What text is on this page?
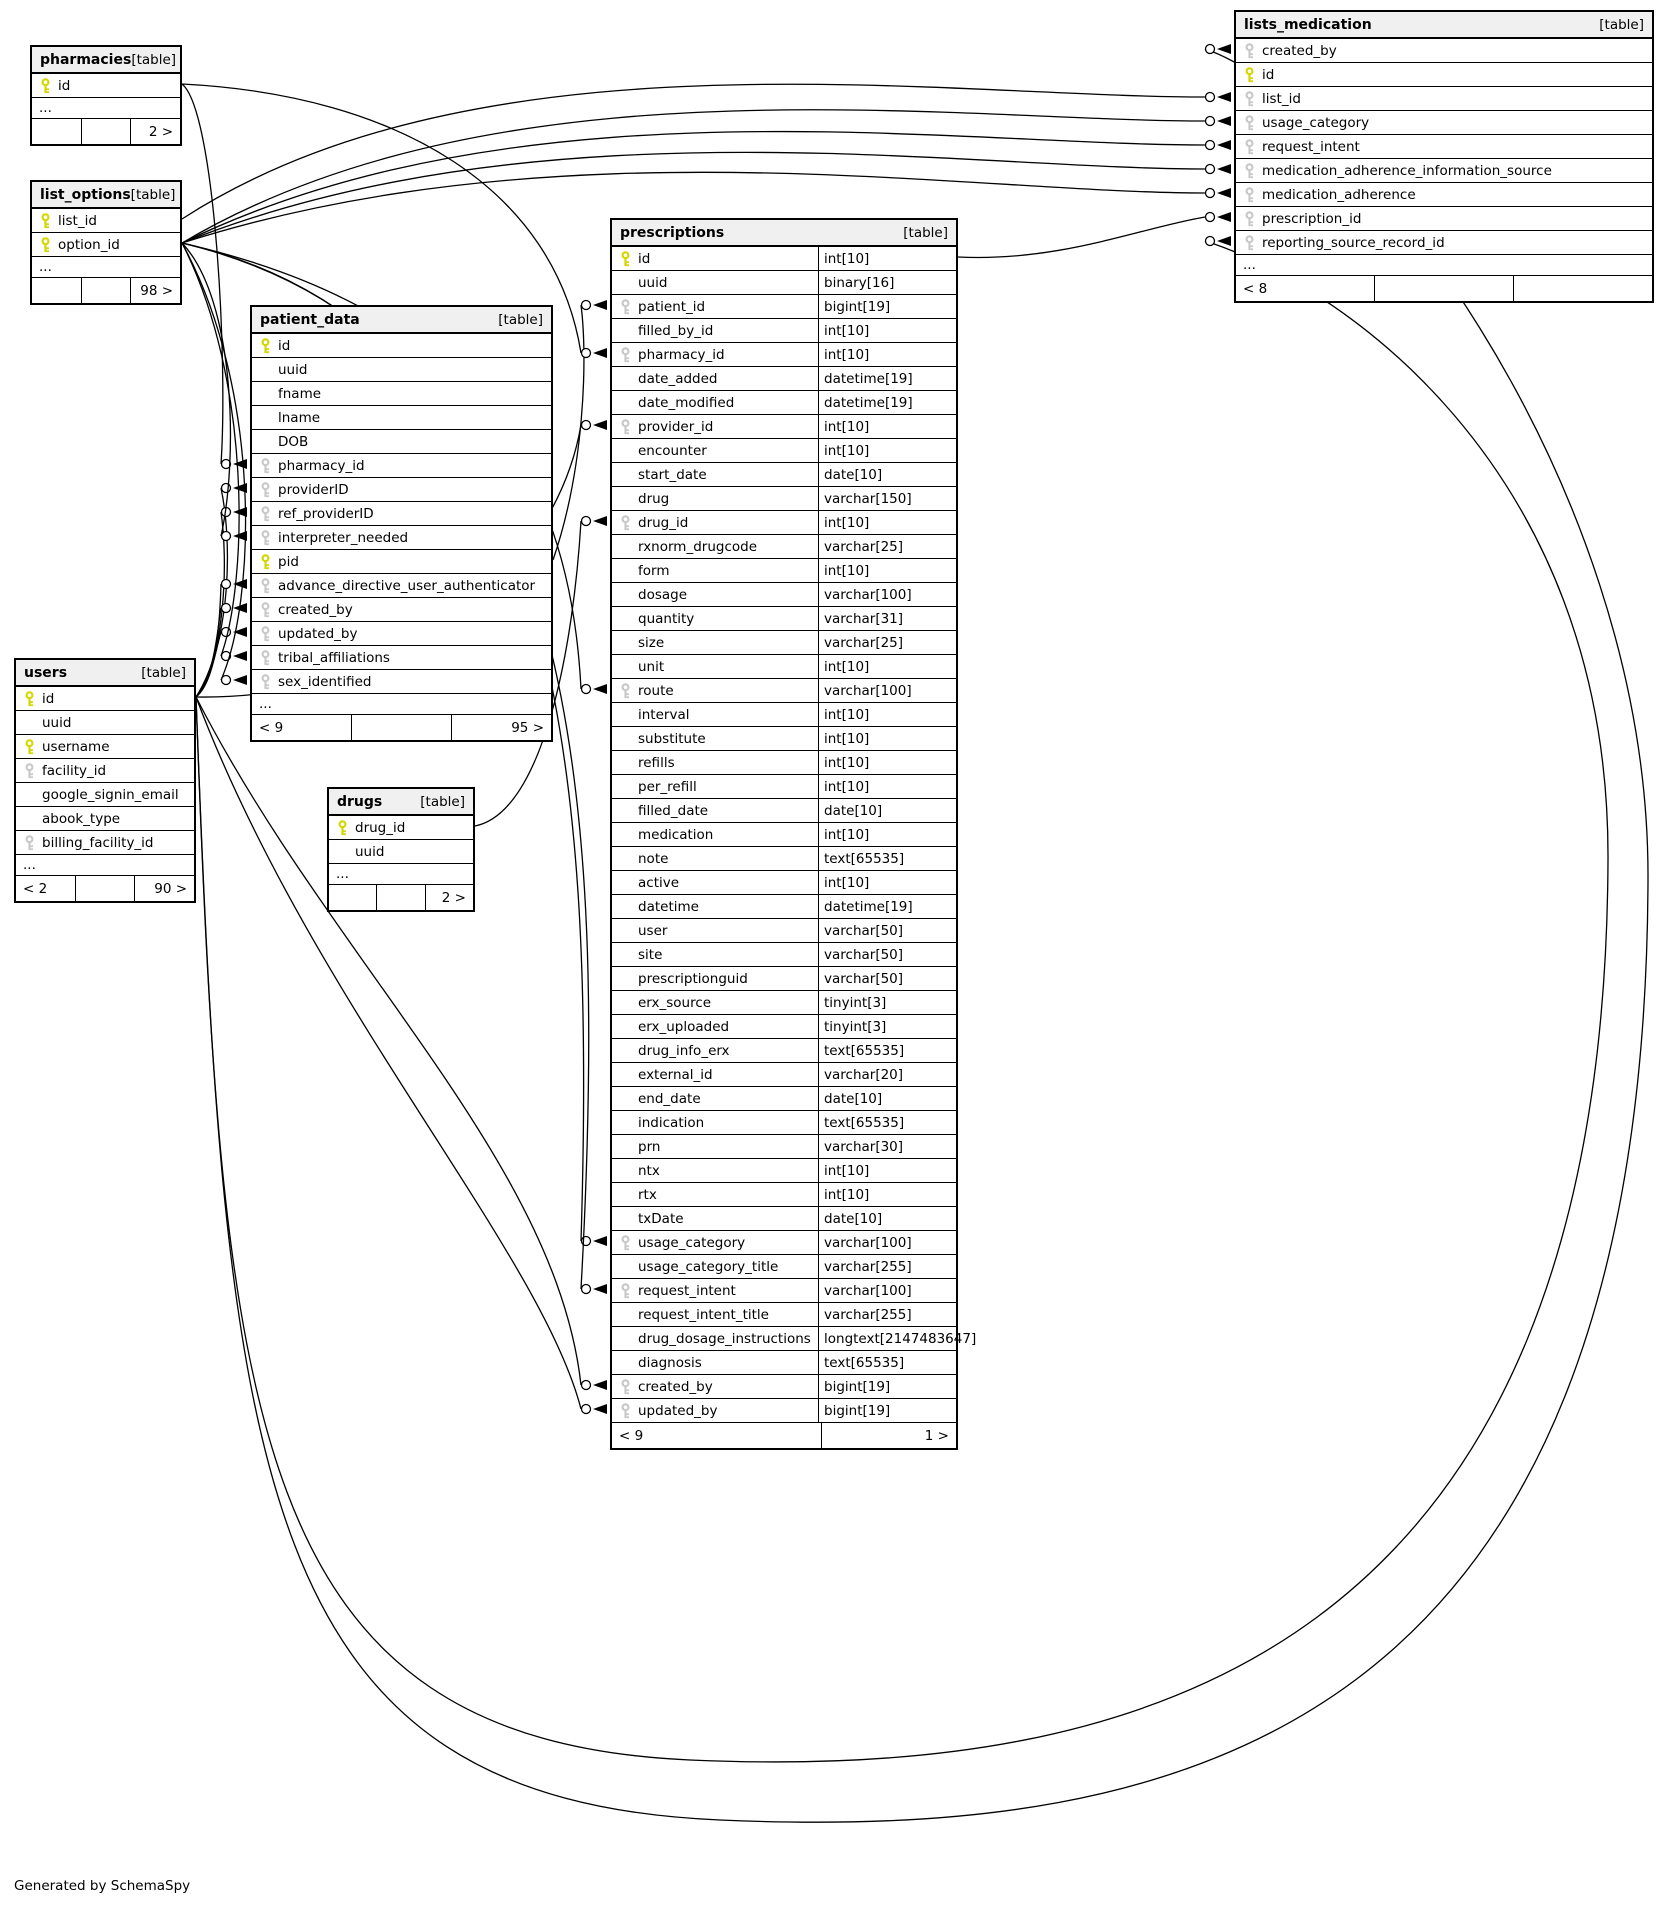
pharmacies [table]
id
...
2 >
list_options [table]
list_id
option_id
...
98 >
patient_data	[table]
id
uuid
fname
lname
DOB
pharmacy_id
providerID
ref_providerID
interpreter_needed
pid
advance_directive_user_authenticator
created_by
updated_by
tribal_affiliations
sex_identified
...
< 9	95 >
users	[table]
id
uuid
username
facility_id
google_signin_email
abook_type
billing_facility_id
...
< 2	90 >
drugs	[table]
drug_id
uuid
...
2 >
prescriptions	[table]
id	int[10]
uuid	binary[16]
patient_id	bigint[19]
filled_by_id	int[10]
pharmacy_id	int[10]
date_added	datetime[19]
date_modified	datetime[19]
provider_id	int[10]
encounter	int[10]
start_date	date[10]
drug	varchar[150]
drug_id	int[10]
rxnorm_drugcode	varchar[25]
form	int[10]
dosage	varchar[100]
quantity	varchar[31]
size	varchar[25]
unit	int[10]
route	varchar[100]
interval	int[10]
substitute	int[10]
refills	int[10]
per_refill	int[10]
filled_date	date[10]
medication	int[10]
note	text[65535]
active	int[10]
datetime	datetime[19]
user	varchar[50]
site	varchar[50]
prescriptionguid	varchar[50]
erx_source	tinyint[3]
erx_uploaded	tinyint[3]
drug_info_erx	text[65535]
external_id	varchar[20]
end_date	date[10]
indication	text[65535]
prn	varchar[30]
ntx	int[10]
rtx	int[10]
txDate	date[10]
usage_category	varchar[100]
usage_category_title	varchar[255]
request_intent	varchar[100]
request_intent_title	varchar[255]
drug_dosage_instructions longtext[2147483647]
diagnosis	text[65535]
created_by	bigint[19]
updated_by	bigint[19]
< 9	1 >
lists_medication	[table]
created_by
id
list_id
usage_category
request_intent
medication_adherence_information_source
medication_adherence
prescription_id
reporting_source_record_id
...
< 8
Generated by SchemaSpy
